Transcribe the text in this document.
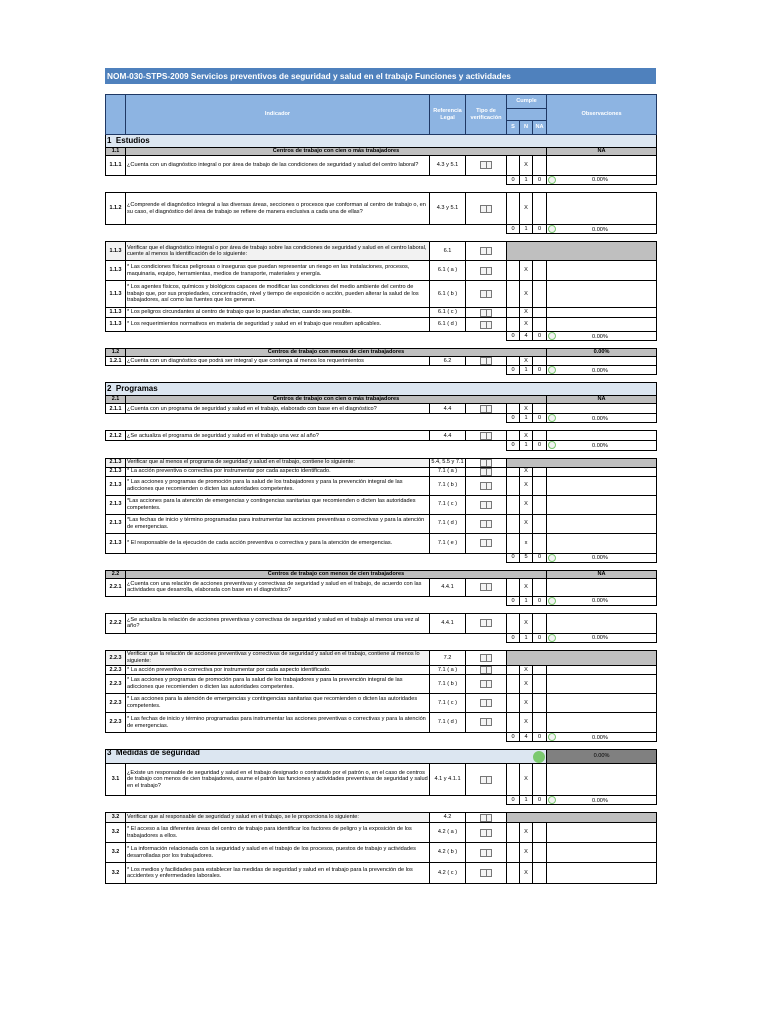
NOM-030-STPS-2009 Servicios preventivos de seguridad y salud en el trabajo Funciones y actividades
	Indicador	Referencia Legal	Tipo de verificación	Cumple			Observaciones

				S	N	NA	
1 Estudios							
1.1	Centros de trabajo con cien o más trabajadores						NA
1.1.1	¿Cuenta con un diagnóstico integral o por área de trabajo de las condiciones de seguridad y salud del centro laboral?	4.3 y 5.1			X		
				0	1	0	0.00%

1.1.2	¿Comprende el diagnóstico integral a las diversas áreas, secciones o procesos que conforman al centro de trabajo o, en su caso, el diagnóstico del área de trabajo se refiere de manera exclusiva a cada una de ellas?	4.3 y 5.1			X		
				0	1	0	0.00%

1.1.3	Verificar que el diagnóstico integral o por área de trabajo sobre las condiciones de seguridad y salud en el centro laboral, cuente al menos la identificación de lo siguiente:	6.1					
1.1.3	* Las condiciones físicas peligrosas o inseguras que puedan representar un riesgo en las instalaciones, procesos, maquinaria, equipo, herramientas, medios de transporte, materiales y energía.	6.1 ( a )			X		
1.1.3	* Los agentes físicos, químicos y biológicos capaces de modificar las condiciones del medio ambiente del centro de trabajo que, por sus propiedades, concentración, nivel y tiempo de exposición o acción, pueden alterar la salud de los trabajadores, así como las fuentes que los generan.	6.1 ( b )			X		
1.1.3	* Los peligros circundantes al centro de trabajo que lo puedan afectar, cuando sea posible.	6.1 ( c )			X		
1.1.3	* Los requerimientos normativos en materia de seguridad y salud en el trabajo que resulten aplicables.	6.1 ( d )			X		
				0	4	0	0.00%

1.2	Centros de trabajo con menos de cien trabajadores						0.00%
1.2.1	¿Cuenta con un diagnóstico que podrá ser integral y que contenga al menos los requerimientos	6.2			X		
				0	1	0	0.00%

2 Programas							
2.1	Centros de trabajo con cien o más trabajadores						NA
2.1.1	¿Cuenta con un programa de seguridad y salud en el trabajo, elaborado con base en el diagnóstico?	4.4			X		
				0	1	0	0.00%

2.1.2	¿Se actualiza el programa de seguridad y salud en el trabajo una vez al año?	4.4			X		
				0	1	0	0.00%

2.1.3	Verificar que al menos el programa de seguridad y salud en el trabajo, contiene lo siguiente:	5.4, 5.5 y 7.1					
2.1.3	* La acción preventiva o correctiva por instrumentar por cada aspecto identificado.	7.1 ( a )			X		
2.1.3	* Las acciones y programas de promoción para la salud de los trabajadores y para la prevención integral de las adicciones que recomienden o dicten las autoridades competentes.	7.1 ( b )			X		
2.1.3	*Las acciones para la atención de emergencias y contingencias sanitarias que recomienden o dicten las autoridades competentes.	7.1 ( c )			X		
2.1.3	*Las fechas de inicio y término programadas para instrumentar las acciones preventivas o correctivas y para la atención de emergencias.	7.1 ( d )			X		
2.1.3	* El responsable de la ejecución de cada acción preventiva o correctiva y para la atención de emergencias.	7.1 ( e )			x		
				0	5	0	0.00%

2.2	Centros de trabajo con menos de cien trabajadores						NA
2.2.1	¿Cuenta con una relación de acciones preventivas y correctivas de seguridad y salud en el trabajo, de acuerdo con las actividades que desarrolla, elaborada con base en el diagnóstico?	4.4.1			X		
				0	1	0	0.00%

2.2.2	¿Se actualiza la relación de acciones preventivas y correctivas de seguridad y salud en el trabajo al menos una vez al año?	4.4.1			X		
				0	1	0	0.00%

2.2.3	Verificar que la relación de acciones preventivas y correctivas de seguridad y salud en el trabajo, contiene al menos lo siguiente:	7.2					
2.2.3	* La acción preventiva o correctiva por instrumentar por cada aspecto identificado.	7.1 ( a )			X		
2.2.3	* Las acciones y programas de promoción para la salud de los trabajadores y para la prevención integral de las adicciones que recomienden o dicten las autoridades competentes.	7.1 ( b )			X		
2.2.3	* Las acciones para la atención de emergencias y contingencias sanitarias que recomienden o dicten las autoridades competentes.	7.1 ( c )			X		
2.2.3	* Las fechas de inicio y término programadas para instrumentar las acciones preventivas o correctivas y para la atención de emergencias.	7.1 ( d )			X		
				0	4	0	0.00%

3 Medidas de seguridad							0.00%
3.1	¿Existe un responsable de seguridad y salud en el trabajo designado o contratado por el patrón o, en el caso de centros de trabajo con menos de cien trabajadores, asume el patrón las funciones y actividades preventivas de seguridad y salud en el trabajo?	4.1 y 4.1.1			X		
				0	1	0	0.00%

3.2	Verificar que al responsable de seguridad y salud en el trabajo, se le proporciona lo siguiente:	4.2					
3.2	* El acceso a las diferentes áreas del centro de trabajo para identificar los factores de peligro y la exposición de los trabajadores a ellos.	4.2 ( a )			X		
3.2	* La información relacionada con la seguridad y salud en el trabajo de los procesos, puestos de trabajo y actividades desarrolladas por los trabajadores.	4.2 ( b )			X		
3.2	* Los medios y facilidades para establecer las medidas de seguridad y salud en el trabajo para la prevención de los accidentes y enfermedades laborales.	4.2 ( c )			X		
